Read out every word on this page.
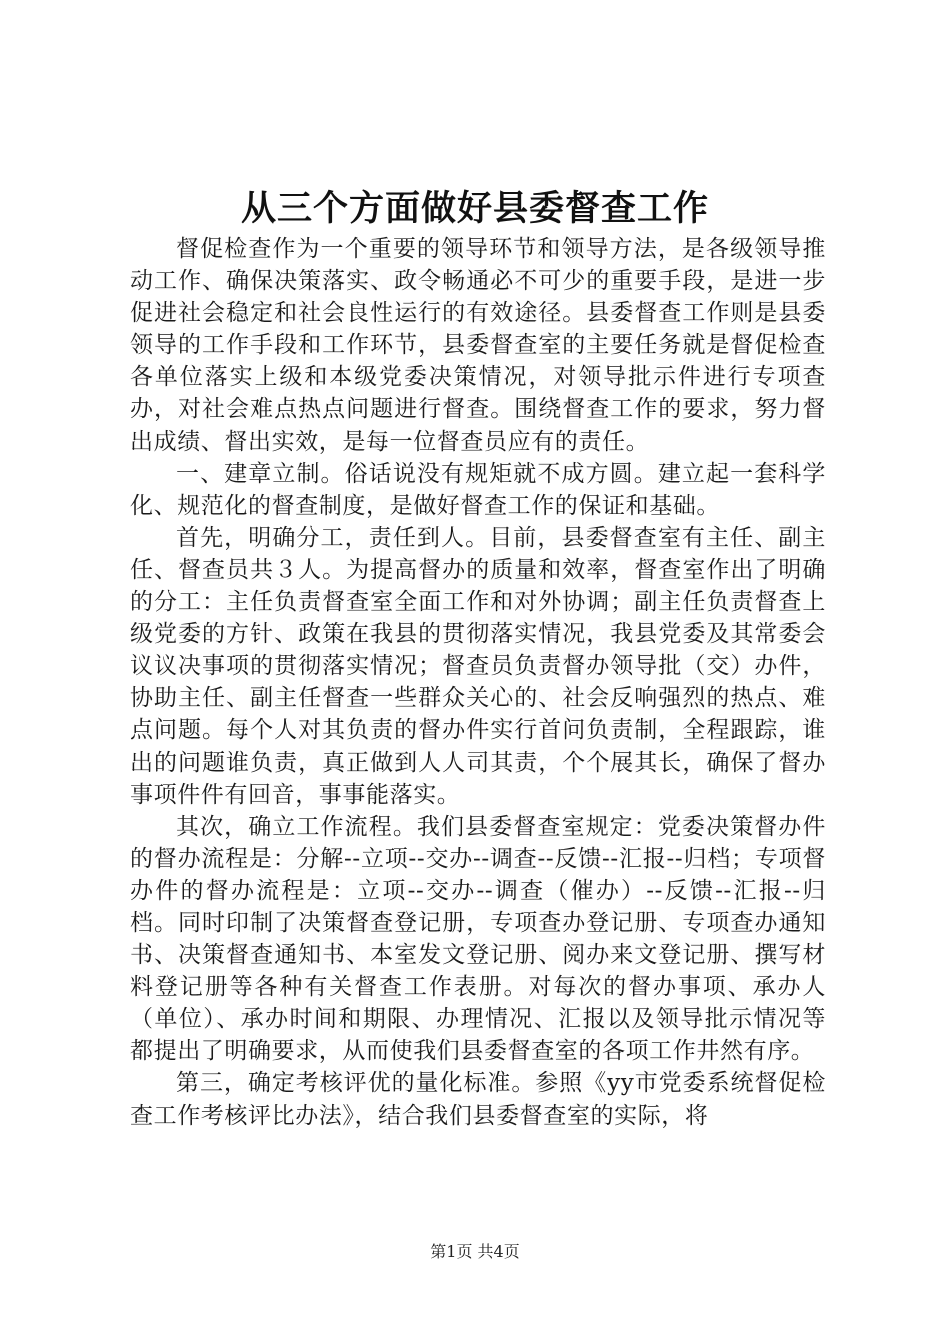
从三个方面做好县委督查工作

督促检查作为一个重要的领导环节和领导方法，是各级领导推动工作、确保决策落实、政令畅通必不可少的重要手段，是进一步促进社会稳定和社会良性运行的有效途径。县委督查工作则是县委领导的工作手段和工作环节，县委督查室的主要任务就是督促检查各单位落实上级和本级党委决策情况，对领导批示件进行专项查办，对社会难点热点问题进行督查。围绕督查工作的要求，努力督出成绩、督出实效，是每一位督查员应有的责任。

一、建章立制。俗话说没有规矩就不成方圆。建立起一套科学化、规范化的督查制度，是做好督查工作的保证和基础。

首先，明确分工，责任到人。目前，县委督查室有主任、副主任、督查员共３人。为提高督办的质量和效率，督查室作出了明确的分工：主任负责督查室全面工作和对外协调；副主任负责督查上级党委的方针、政策在我县的贯彻落实情况，我县党委及其常委会议议决事项的贯彻落实情况；督查员负责督办领导批（交）办件，协助主任、副主任督查一些群众关心的、社会反响强烈的热点、难点问题。每个人对其负责的督办件实行首问负责制，全程跟踪，谁出的问题谁负责，真正做到人人司其责，个个展其长，确保了督办事项件件有回音，事事能落实。

其次，确立工作流程。我们县委督查室规定：党委决策督办件的督办流程是：分解--立项--交办--调查--反馈--汇报--归档；专项督办件的督办流程是：立项--交办--调查（催办）--反馈--汇报--归档。同时印制了决策督查登记册，专项查办登记册、专项查办通知书、决策督查通知书、本室发文登记册、阅办来文登记册、撰写材料登记册等各种有关督查工作表册。对每次的督办事项、承办人（单位）、承办时间和期限、办理情况、汇报以及领导批示情况等都提出了明确要求，从而使我们县委督查室的各项工作井然有序。

第三，确定考核评优的量化标准。参照《yy市党委系统督促检查工作考核评比办法》，结合我们县委督查室的实际，将

第1页 共4页
